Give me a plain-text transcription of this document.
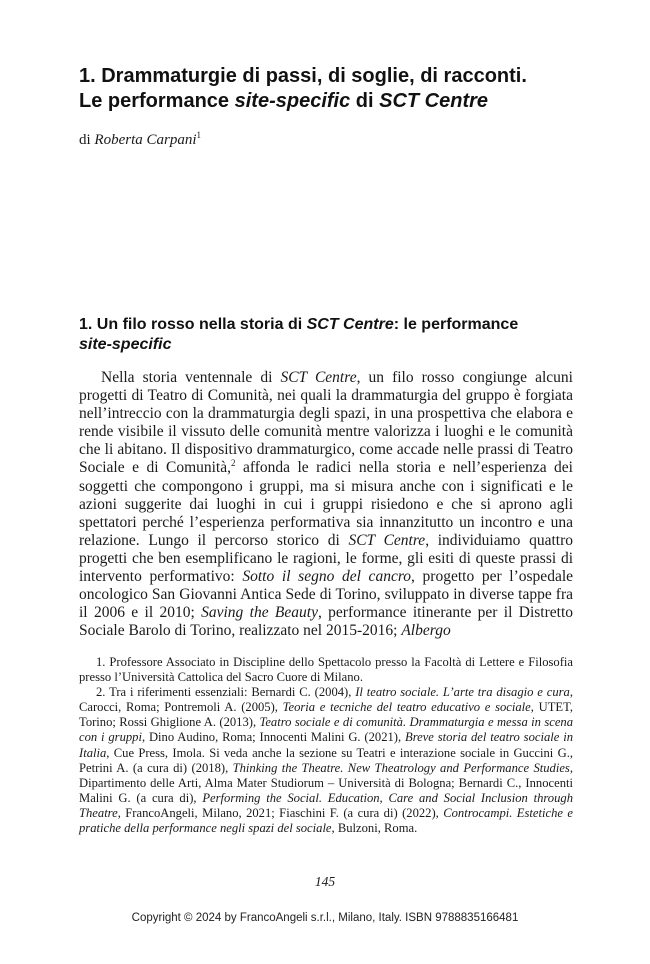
1. Drammaturgie di passi, di soglie, di racconti.
Le performance site-specific di SCT Centre
di Roberta Carpani$^1$
1. Un filo rosso nella storia di SCT Centre: le performance
site-specific

Nella storia ventennale di SCT Centre, un filo rosso congiunge alcuni progetti di Teatro di Comunità, nei quali la drammaturgia del gruppo è forgiata nell’intreccio con la drammaturgia degli spazi, in una prospettiva che elabora e rende visibile il vissuto delle comunità mentre valorizza i luoghi e le comunità che li abitano. Il dispositivo drammaturgico, come accade nelle prassi di Teatro Sociale e di Comunità,$^2$ affonda le radici nella storia e nell’esperienza dei soggetti che compongono i gruppi, ma si misura anche con i significati e le azioni suggerite dai luoghi in cui i gruppi risiedono e che si aprono agli spettatori perché l’esperienza performativa sia innanzitutto un incontro e una relazione. Lungo il percorso storico di SCT Centre, individuiamo quattro progetti che ben esemplificano le ragioni, le forme, gli esiti di queste prassi di intervento performativo: Sotto il segno del cancro, progetto per l’ospedale oncologico San Giovanni Antica Sede di Torino, sviluppato in diverse tappe fra il 2006 e il 2010; Saving the Beauty, performance itinerante per il Distretto Sociale Barolo di Torino, realizzato nel 2015-2016; Albergo

1. Professore Associato in Discipline dello Spettacolo presso la Facoltà di Lettere e Filosofia presso l’Università Cattolica del Sacro Cuore di Milano.

2. Tra i riferimenti essenziali: Bernardi C. (2004), Il teatro sociale. L’arte tra disagio e cura, Carocci, Roma; Pontremoli A. (2005), Teoria e tecniche del teatro educativo e sociale, UTET, Torino; Rossi Ghiglione A. (2013), Teatro sociale e di comunità. Drammaturgia e messa in scena con i gruppi, Dino Audino, Roma; Innocenti Malini G. (2021), Breve storia del teatro sociale in Italia, Cue Press, Imola. Si veda anche la sezione su Teatri e interazione sociale in Guccini G., Petrini A. (a cura di) (2018), Thinking the Theatre. New Theatrology and Performance Studies, Dipartimento delle Arti, Alma Mater Studiorum – Università di Bologna; Bernardi C., Innocenti Malini G. (a cura di), Performing the Social. Education, Care and Social Inclusion through Theatre, FrancoAngeli, Milano, 2021; Fiaschini F. (a cura di) (2022), Controcampi. Estetiche e pratiche della performance negli spazi del sociale, Bulzoni, Roma.

145
Copyright © 2024 by FrancoAngeli s.r.l., Milano, Italy. ISBN 9788835166481
